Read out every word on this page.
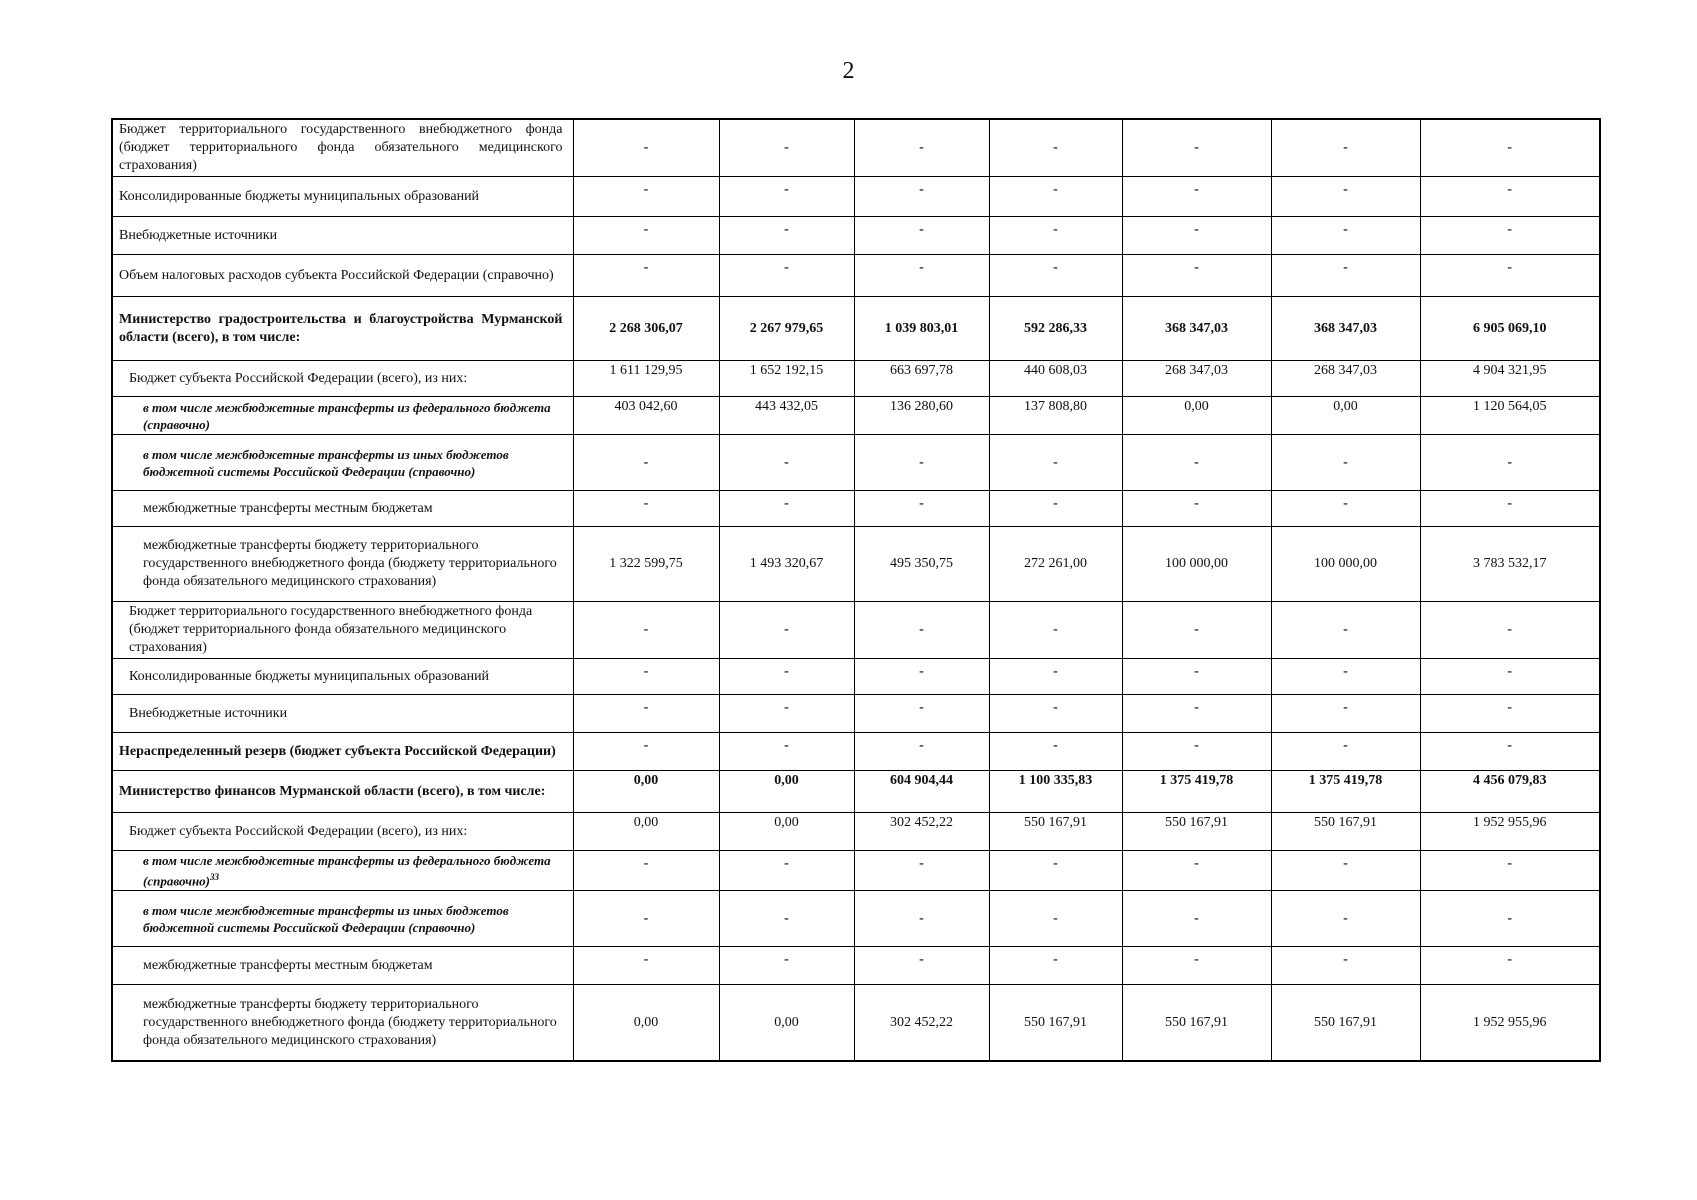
2
Бюджет территориального государственного внебюджетного фонда (бюджет территориального фонда обязательного медицинского страхования)	-	-	-	-	-	-	-
Консолидированные бюджеты муниципальных образований	-	-	-	-	-	-	-
Внебюджетные источники	-	-	-	-	-	-	-
Объем налоговых расходов субъекта Российской Федерации (справочно)	-	-	-	-	-	-	-
Министерство градостроительства и благоустройства Мурманской области (всего), в том числе:	2 268 306,07	2 267 979,65	1 039 803,01	592 286,33	368 347,03	368 347,03	6 905 069,10
Бюджет субъекта Российской Федерации (всего), из них:	1 611 129,95	1 652 192,15	663 697,78	440 608,03	268 347,03	268 347,03	4 904 321,95
в том числе межбюджетные трансферты из федерального бюджета (справочно)	403 042,60	443 432,05	136 280,60	137 808,80	0,00	0,00	1 120 564,05
в том числе межбюджетные трансферты из иных бюджетов бюджетной системы Российской Федерации (справочно)	-	-	-	-	-	-	-
межбюджетные трансферты местным бюджетам	-	-	-	-	-	-	-
межбюджетные трансферты бюджету территориального государственного внебюджетного фонда (бюджету территориального фонда обязательного медицинского страхования)	1 322 599,75	1 493 320,67	495 350,75	272 261,00	100 000,00	100 000,00	3 783 532,17
Бюджет территориального государственного внебюджетного фонда (бюджет территориального фонда обязательного медицинского страхования)	-	-	-	-	-	-	-
Консолидированные бюджеты муниципальных образований	-	-	-	-	-	-	-
Внебюджетные источники	-	-	-	-	-	-	-
Нераспределенный резерв (бюджет субъекта Российской Федерации)	-	-	-	-	-	-	-
Министерство финансов Мурманской области (всего), в том числе:	0,00	0,00	604 904,44	1 100 335,83	1 375 419,78	1 375 419,78	4 456 079,83
Бюджет субъекта Российской Федерации (всего), из них:	0,00	0,00	302 452,22	550 167,91	550 167,91	550 167,91	1 952 955,96
в том числе межбюджетные трансферты из федерального бюджета (справочно)$^{33}$	-	-	-	-	-	-	-
в том числе межбюджетные трансферты из иных бюджетов бюджетной системы Российской Федерации (справочно)	-	-	-	-	-	-	-
межбюджетные трансферты местным бюджетам	-	-	-	-	-	-	-
межбюджетные трансферты бюджету территориального государственного внебюджетного фонда (бюджету территориального фонда обязательного медицинского страхования)	0,00	0,00	302 452,22	550 167,91	550 167,91	550 167,91	1 952 955,96
